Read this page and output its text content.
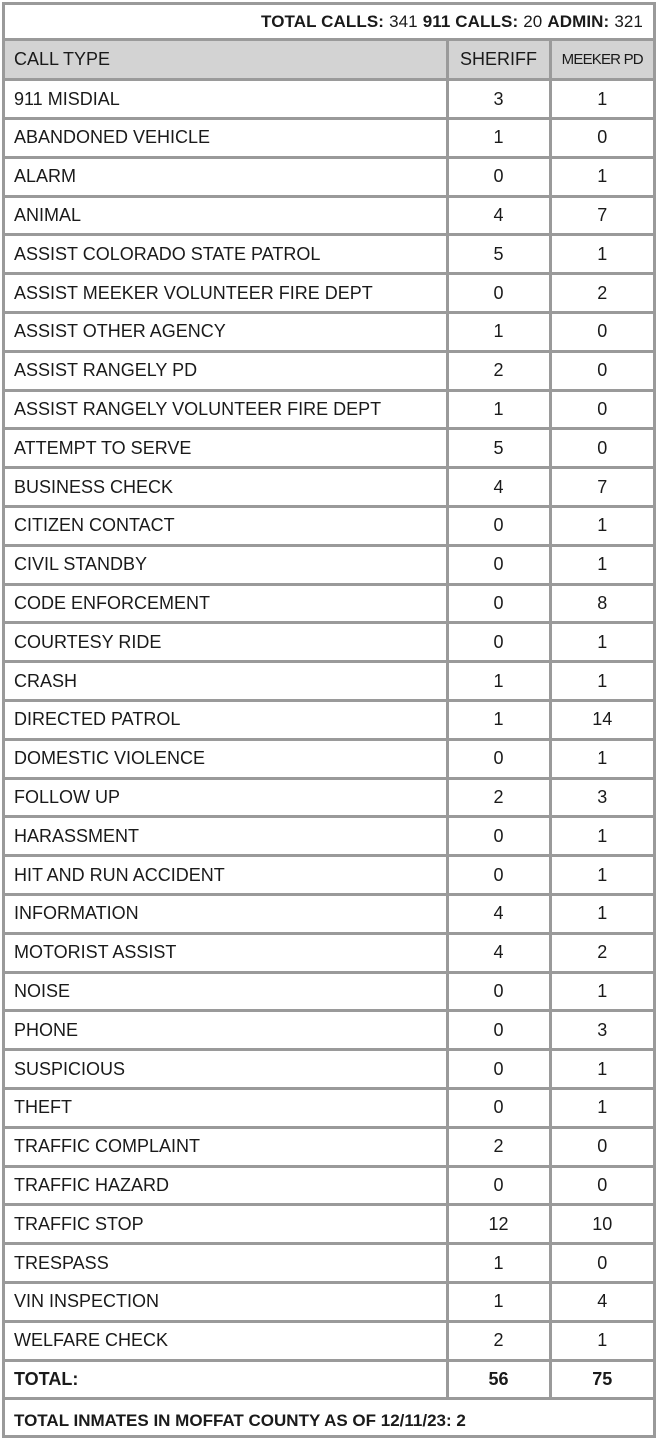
TOTAL CALLS: 341 911 CALLS: 20 ADMIN: 321
CALL TYPE	SHERIFF	MEEKER PD
911 MISDIAL	3	1
ABANDONED VEHICLE	1	0
ALARM	0	1
ANIMAL	4	7
ASSIST COLORADO STATE PATROL	5	1
ASSIST MEEKER VOLUNTEER FIRE DEPT	0	2
ASSIST OTHER AGENCY	1	0
ASSIST RANGELY PD	2	0
ASSIST RANGELY VOLUNTEER FIRE DEPT	1	0
ATTEMPT TO SERVE	5	0
BUSINESS CHECK	4	7
CITIZEN CONTACT	0	1
CIVIL STANDBY	0	1
CODE ENFORCEMENT	0	8
COURTESY RIDE	0	1
CRASH	1	1
DIRECTED PATROL	1	14
DOMESTIC VIOLENCE	0	1
FOLLOW UP	2	3
HARASSMENT	0	1
HIT AND RUN ACCIDENT	0	1
INFORMATION	4	1
MOTORIST ASSIST	4	2
NOISE	0	1
PHONE	0	3
SUSPICIOUS	0	1
THEFT	0	1
TRAFFIC COMPLAINT	2	0
TRAFFIC HAZARD	0	0
TRAFFIC STOP	12	10
TRESPASS	1	0
VIN INSPECTION	1	4
WELFARE CHECK	2	1
TOTAL:	56	75
TOTAL INMATES IN MOFFAT COUNTY AS OF 12/11/23: 2
